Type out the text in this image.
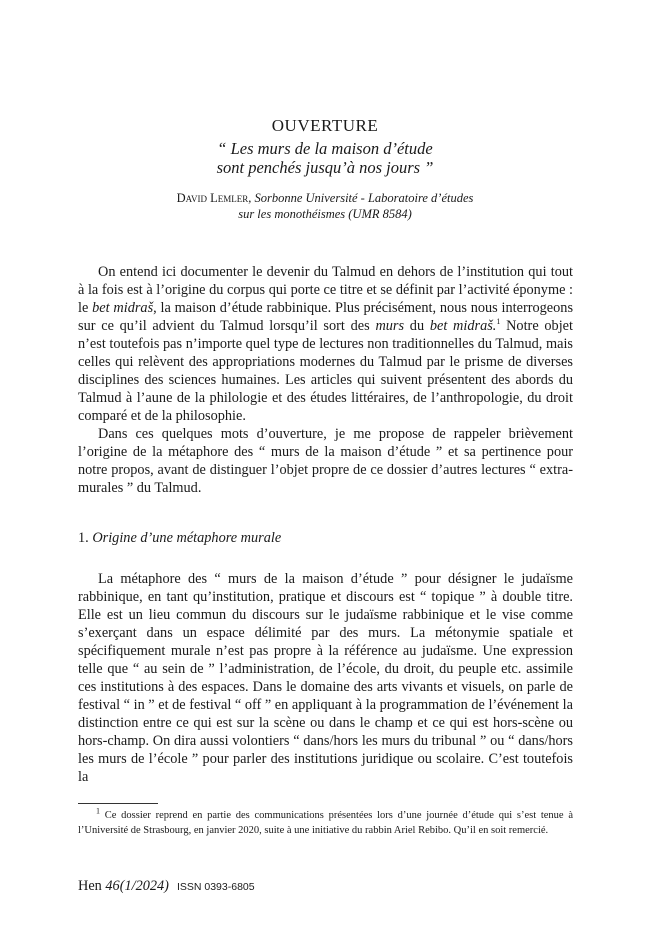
OUVERTURE
“ Les murs de la maison d’étude
sont penchés jusqu’à nos jours ”
David Lemler, Sorbonne Université - Laboratoire d’études
sur les monothéismes (UMR 8584)

On entend ici documenter le devenir du Talmud en dehors de l’institution qui tout à la fois est à l’origine du corpus qui porte ce titre et se définit par l’activité éponyme : le bet midraš, la maison d’étude rabbinique. Plus précisément, nous nous interrogeons sur ce qu’il advient du Talmud lorsqu’il sort des murs du bet midraš.$^1$ Notre objet n’est toutefois pas n’importe quel type de lectures non traditionnelles du Talmud, mais celles qui relèvent des appropriations modernes du Talmud par le prisme de diverses disciplines des sciences humaines. Les articles qui suivent présentent des abords du Talmud à l’aune de la philologie et des études littéraires, de l’anthropologie, du droit comparé et de la philosophie.

Dans ces quelques mots d’ouverture, je me propose de rappeler brièvement l’origine de la métaphore des “ murs de la maison d’étude ” et sa pertinence pour notre propos, avant de distinguer l’objet propre de ce dossier d’autres lectures “ extra-murales ” du Talmud.

1. Origine d’une métaphore murale

La métaphore des “ murs de la maison d’étude ” pour désigner le judaïsme rabbinique, en tant qu’institution, pratique et discours est “ topique ” à double titre. Elle est un lieu commun du discours sur le judaïsme rabbinique et le vise comme s’exerçant dans un espace délimité par des murs. La métonymie spatiale et spécifiquement murale n’est pas propre à la référence au judaïsme. Une expression telle que “ au sein de ” l’administration, de l’école, du droit, du peuple etc. assimile ces institutions à des espaces. Dans le domaine des arts vivants et visuels, on parle de festival “ in ” et de festival “ off ” en appliquant à la programmation de l’événement la distinction entre ce qui est sur la scène ou dans le champ et ce qui est hors-scène ou hors-champ. On dira aussi volontiers “ dans/hors les murs du tribunal ” ou “ dans/hors les murs de l’école ” pour parler des institutions juridique ou scolaire. C’est toutefois la

$^1$ Ce dossier reprend en partie des communications présentées lors d’une journée d’étude qui s’est tenue à l’Université de Strasbourg, en janvier 2020, suite à une initiative du rabbin Ariel Rebibo. Qu’il en soit remercié.
Hen 46(1/2024) ISSN 0393-6805
